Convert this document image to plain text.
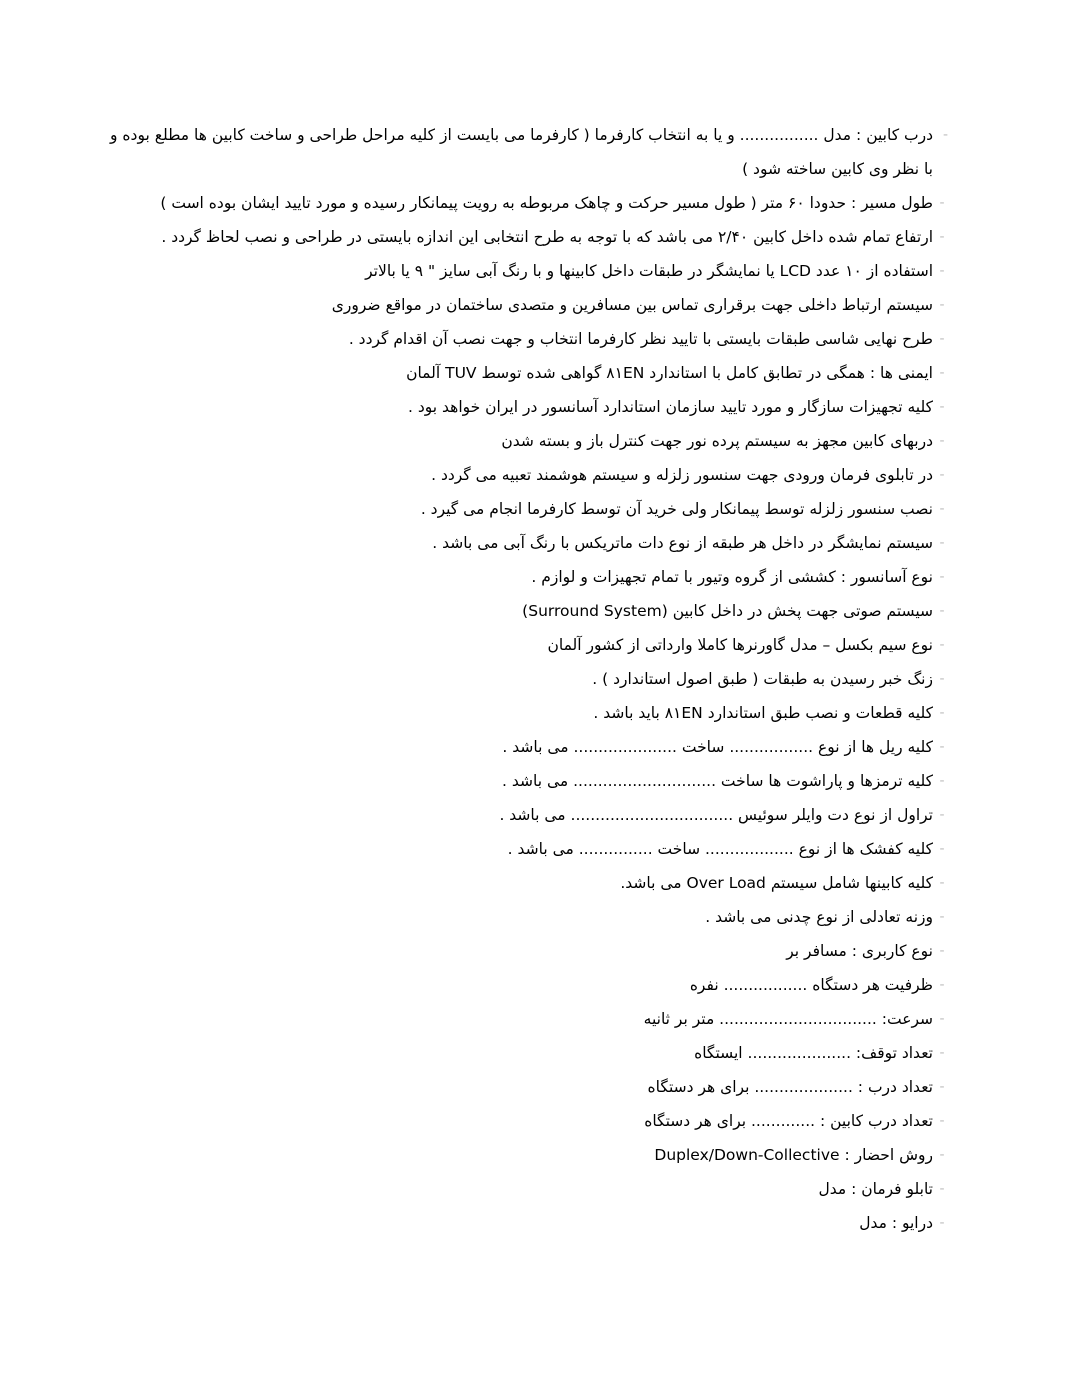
-
درب کابین : مدل ................ و یا به انتخاب کارفرما ( کارفرما می بایست از کلیه مراحل طراحی و ساخت کابین ها مطلع بوده و با نظر وی کابین ساخته شود )
-
طول مسیر : حدودا ۶۰ متر ( طول مسیر حرکت و چاهک مربوطه به رویت پیمانکار رسیده و مورد تایید ایشان بوده است )
-
ارتفاع تمام شده داخل کابین ۲/۴۰ می باشد که با توجه به طرح انتخابی این اندازه بایستی در طراحی و نصب لحاظ گردد .
-
استفاده از ۱۰ عدد LCD یا نمایشگر در طبقات داخل کابینها و با رنگ آبی سایز " ۹ یا بالاتر
-
سیستم ارتباط داخلی جهت برقراری تماس بین مسافرین و متصدی ساختمان در مواقع ضروری
-
طرح نهایی شاسی طبقات بایستی با تایید نظر کارفرما انتخاب و جهت نصب آن اقدام گردد .
-
ایمنی ها : همگی در تطابق کامل با استاندارد ۸۱EN گواهی شده توسط TUV آلمان
-
کلیه تجهیزات سازگار و مورد تایید سازمان استاندارد آسانسور در ایران خواهد بود .
-
دربهای کابین مجهز به سیستم پرده نور جهت کنترل باز و بسته شدن
-
در تابلوی فرمان ورودی جهت سنسور زلزله و سیستم هوشمند تعبیه می گردد .
-
نصب سنسور زلزله توسط پیمانکار ولی خرید آن توسط کارفرما انجام می گیرد .
-
سیستم نمایشگر در داخل هر طبقه از نوع دات ماتریکس با رنگ آبی می باشد .
-
نوع آسانسور : کششی از گروه وتیور با تمام تجهیزات و لوازم .
-
سیستم صوتی جهت پخش در داخل کابین (Surround System)
-
نوع سیم بکسل – مدل گاورنرها کاملا وارداتی از کشور آلمان
-
زنگ خبر رسیدن به طبقات ( طبق اصول استاندارد ) .
-
کلیه قطعات و نصب طبق استاندارد ۸۱EN باید باشد .
-
کلیه ریل ها از نوع ................. ساخت ..................... می باشد .
-
کلیه ترمزها و پاراشوت ها ساخت ............................. می باشد .
-
تراول از نوع دت وایلر سوئیس ................................. می باشد .
-
کلیه کفشک ها از نوع .................. ساخت ............... می باشد .
-
کلیه کابینها شامل سیستم Over Load می باشد.
-
وزنه تعادلی از نوع چدنی می باشد .
-
نوع کاربری : مسافر بر
-
ظرفیت هر دستگاه ................. نفره
-
سرعت: ................................ متر بر ثانیه
-
تعداد توقف: ..................... ایستگاه
-
تعداد درب : .................... برای هر دستگاه
-
تعداد درب کابین : ............. برای هر دستگاه
-
روش احضار : Duplex/Down-Collective
-
تابلو فرمان : مدل
-
درایو : مدل
